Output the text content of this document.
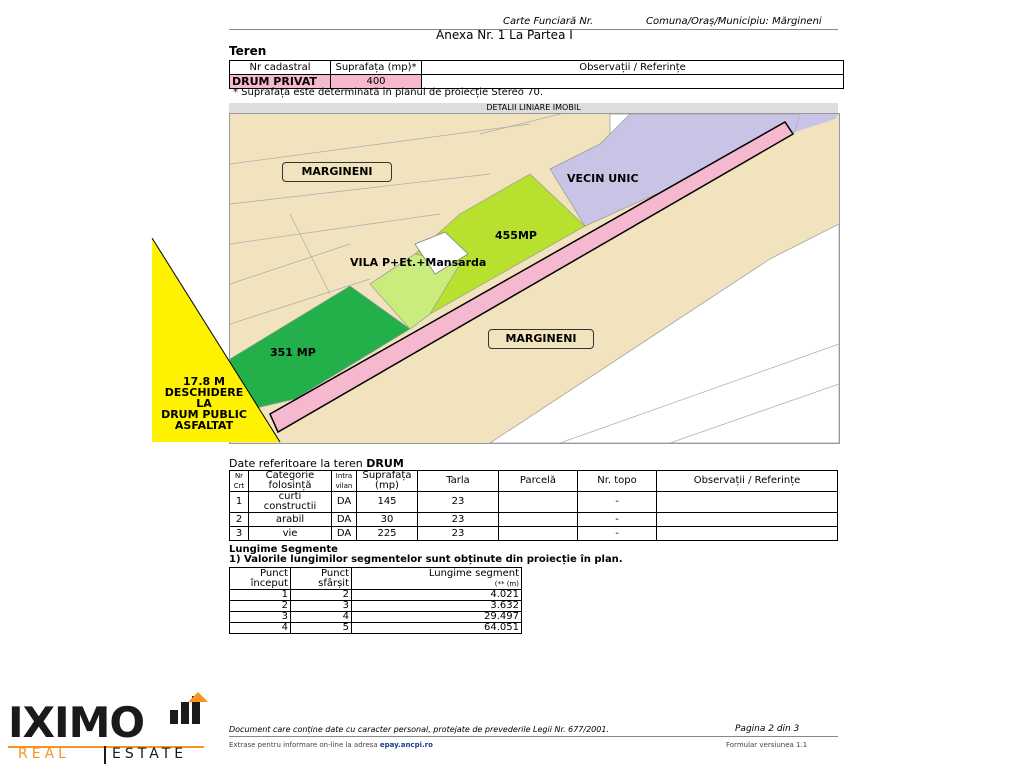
Carte Funciară Nr.	Comuna/Oraș/Municipiu: Mărgineni
Anexa Nr. 1 La Partea I
Teren
Nr cadastral	Suprafața (mp)*	Observații / Referințe
DRUM PRIVAT	400	
* Suprafața este determinată în planul de proiecție Stereo 70.
DETALII LINIARE IMOBIL
MARGINENI
VECIN UNIC
455MP
VILA P+Et.+Mansarda
351 MP
MARGINENI
17.8 M
DESCHIDERE
LA
DRUM PUBLIC
ASFALTAT
Date referitoare la teren DRUM
Nr Crt	Categorie folosință	Intra vilan	Suprafața (mp)	Tarla	Parcelă	Nr. topo	Observații / Referințe
1	curti constructii	DA	145	23		-	
2	arabil	DA	30	23		-	
3	vie	DA	225	23		-	
Lungime Segmente
1) Valorile lungimilor segmentelor sunt obținute din proiecție în plan.
Punct început	Punct sfârșit	Lungime segment
(** (m)

1	2	4.021
2	3	3.632
3	4	29.497
4	5	64.051
Document care conține date cu caracter personal, protejate de prevederile Legii Nr. 677/2001.	Pagina 2 din 3
Extrase pentru informare on-line la adresa epay.ancpi.ro	Formular versiunea 1.1
IXIMO
REAL	ESTATE
